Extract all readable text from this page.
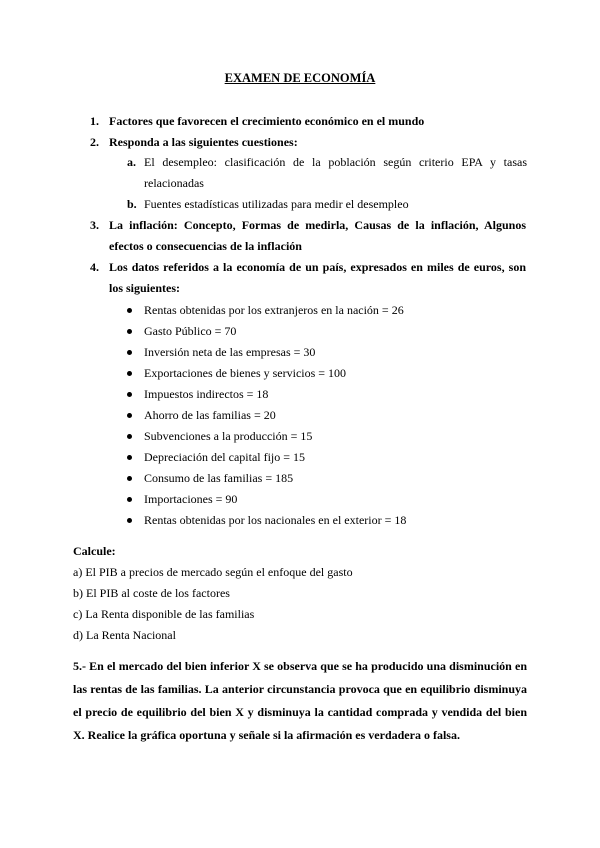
EXAMEN DE ECONOMÍA
1. Factores que favorecen el crecimiento económico en el mundo
2. Responda a las siguientes cuestiones:
a. El desempleo: clasificación de la población según criterio EPA y tasas relacionadas
b. Fuentes estadísticas utilizadas para medir el desempleo
3. La inflación: Concepto, Formas de medirla, Causas de la inflación, Algunos efectos o consecuencias de la inflación
4. Los datos referidos a la economía de un país, expresados en miles de euros, son los siguientes:
Rentas obtenidas por los extranjeros en la nación = 26
Gasto Público = 70
Inversión neta de las empresas = 30
Exportaciones de bienes y servicios = 100
Impuestos indirectos = 18
Ahorro de las familias = 20
Subvenciones a la producción = 15
Depreciación del capital fijo = 15
Consumo de las familias = 185
Importaciones = 90
Rentas obtenidas por los nacionales en el exterior = 18
Calcule:
a) El PIB a precios de mercado según el enfoque del gasto
b) El PIB al coste de los factores
c) La Renta disponible de las familias
d) La Renta Nacional
5.- En el mercado del bien inferior X se observa que se ha producido una disminución en las rentas de las familias. La anterior circunstancia provoca que en equilibrio disminuya el precio de equilibrio del bien X y disminuya la cantidad comprada y vendida del bien X. Realice la gráfica oportuna y señale si la afirmación es verdadera o falsa.
